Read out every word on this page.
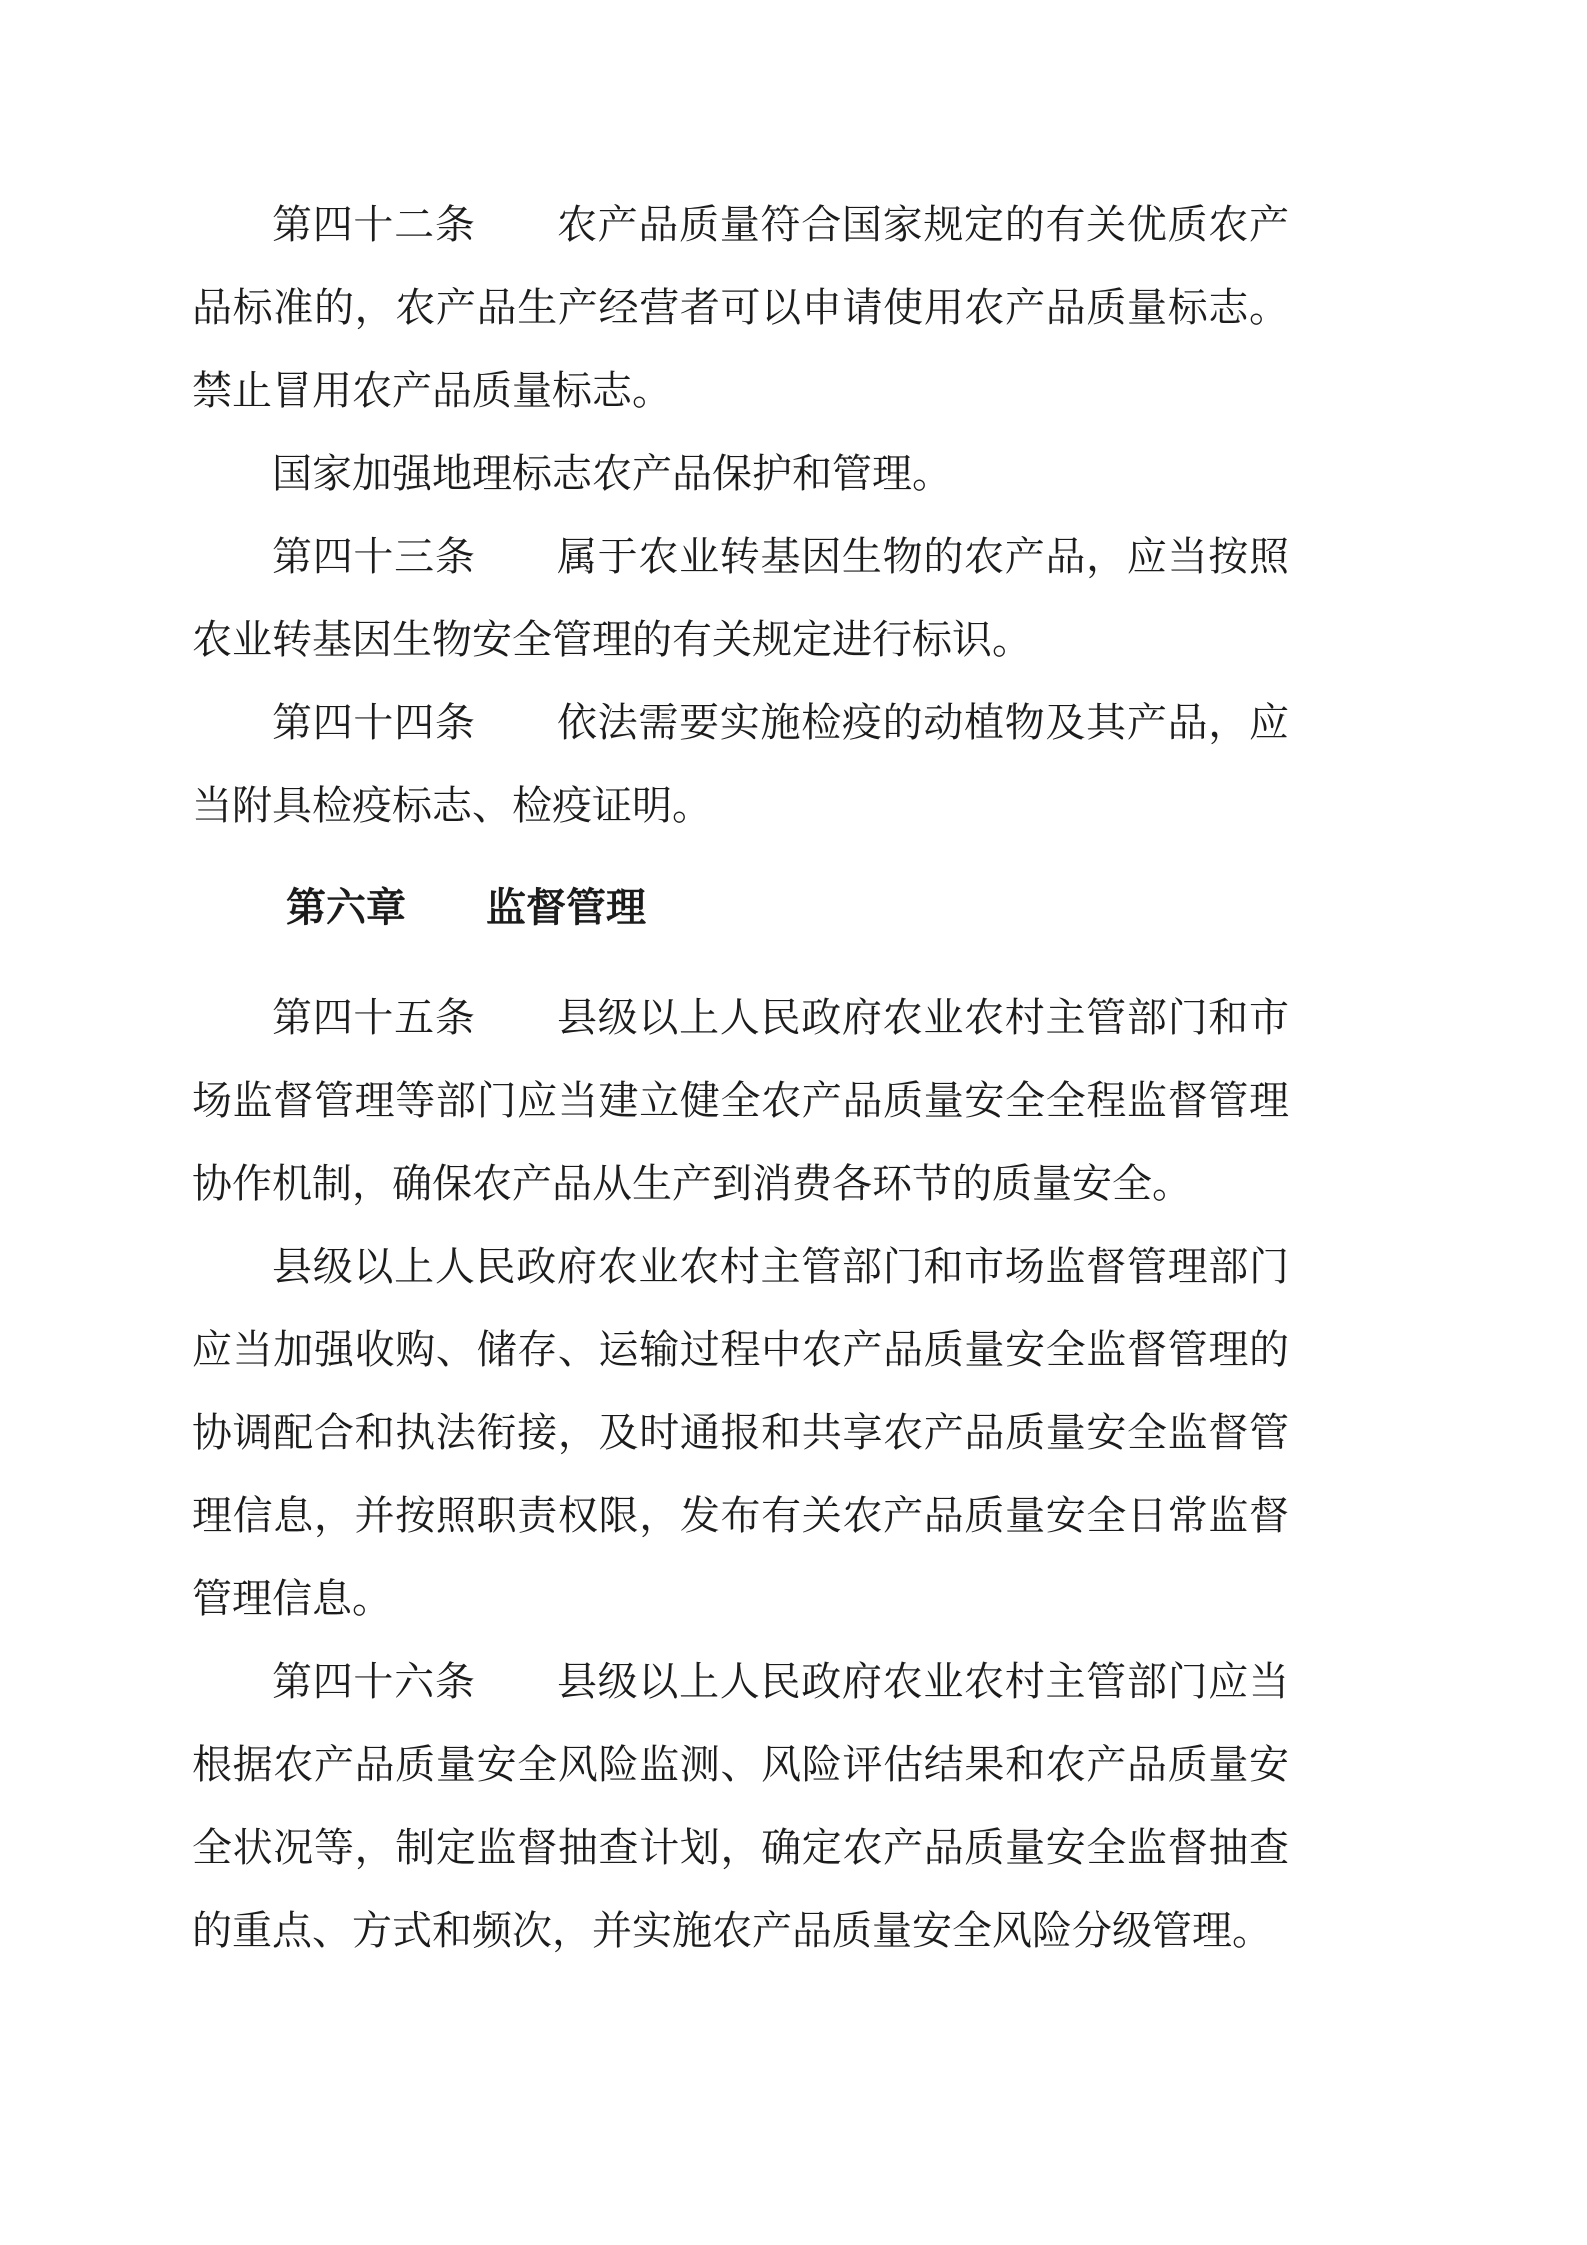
第四十二条　　农产品质量符合国家规定的有关优质农产品标准的，农产品生产经营者可以申请使用农产品质量标志。禁止冒用农产品质量标志。

国家加强地理标志农产品保护和管理。

第四十三条　　属于农业转基因生物的农产品，应当按照农业转基因生物安全管理的有关规定进行标识。

第四十四条　　依法需要实施检疫的动植物及其产品，应当附具检疫标志、检疫证明。

第六章　　监督管理

第四十五条　　县级以上人民政府农业农村主管部门和市场监督管理等部门应当建立健全农产品质量安全全程监督管理协作机制，确保农产品从生产到消费各环节的质量安全。

县级以上人民政府农业农村主管部门和市场监督管理部门应当加强收购、储存、运输过程中农产品质量安全监督管理的协调配合和执法衔接，及时通报和共享农产品质量安全监督管理信息，并按照职责权限，发布有关农产品质量安全日常监督管理信息。

第四十六条　　县级以上人民政府农业农村主管部门应当根据农产品质量安全风险监测、风险评估结果和农产品质量安全状况等，制定监督抽查计划，确定农产品质量安全监督抽查的重点、方式和频次，并实施农产品质量安全风险分级管理。
